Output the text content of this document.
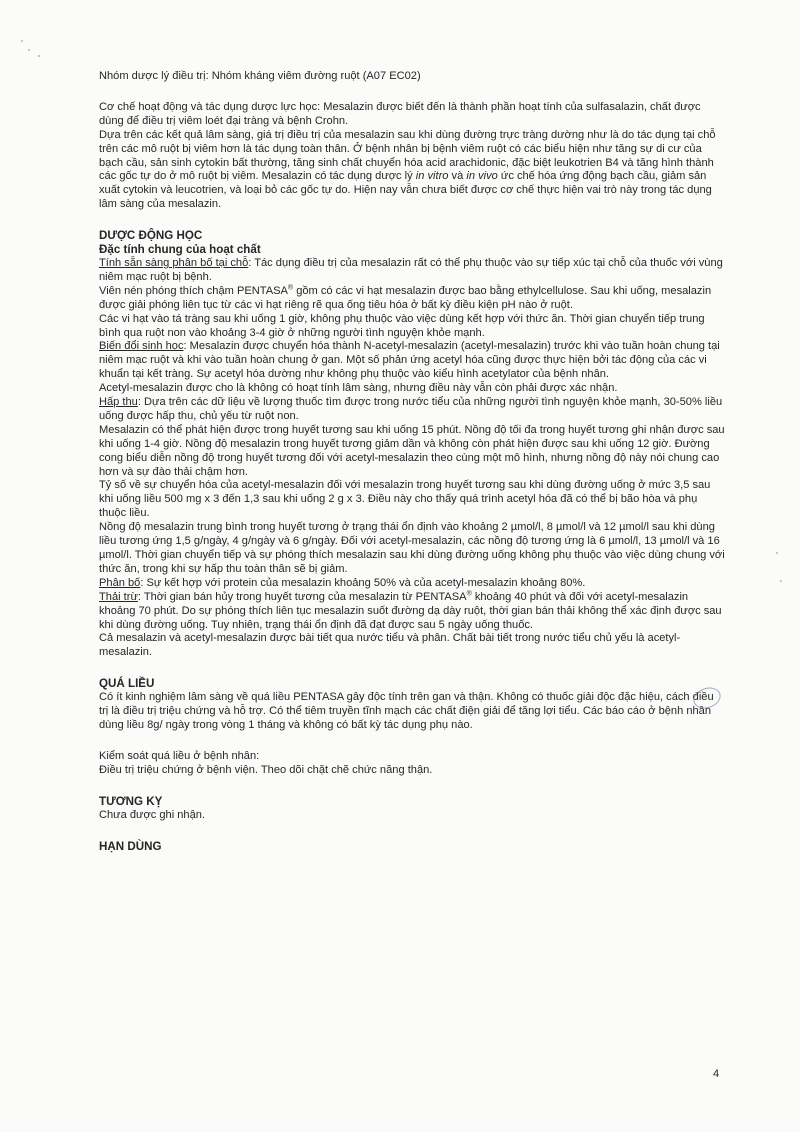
Nhóm dược lý điều trị: Nhóm kháng viêm đường ruột (A07 EC02)

Cơ chế hoạt động và tác dụng dược lực học: Mesalazin được biết đến là thành phần hoạt tính của sulfasalazin, chất được dùng để điều trị viêm loét đại tràng và bệnh Crohn.

Dựa trên các kết quả lâm sàng, giá trị điều trị của mesalazin sau khi dùng đường trực tràng dường như là do tác dụng tại chỗ trên các mô ruột bị viêm hơn là tác dụng toàn thân. Ở bệnh nhân bị bệnh viêm ruột có các biểu hiện như tăng sự di cư của bạch cầu, sản sinh cytokin bất thường, tăng sinh chất chuyển hóa acid arachidonic, đặc biệt leukotrien B4 và tăng hình thành các gốc tự do ở mô ruột bị viêm. Mesalazin có tác dụng dược lý in vitro và in vivo ức chế hóa ứng động bạch cầu, giảm sản xuất cytokin và leucotrien, và loại bỏ các gốc tự do. Hiện nay vẫn chưa biết được cơ chế thực hiện vai trò này trong tác dụng lâm sàng của mesalazin.

DƯỢC ĐỘNG HỌC

Đặc tính chung của hoạt chất

Tính sẵn sàng phân bố tại chỗ: Tác dụng điều trị của mesalazin rất có thể phụ thuộc vào sự tiếp xúc tại chỗ của thuốc với vùng niêm mạc ruột bị bệnh.

Viên nén phóng thích chậm PENTASA® gồm có các vi hạt mesalazin được bao bằng ethylcellulose. Sau khi uống, mesalazin được giải phóng liên tục từ các vi hạt riêng rẽ qua ống tiêu hóa ở bất kỳ điều kiện pH nào ở ruột.

Các vi hạt vào tá tràng sau khi uống 1 giờ, không phụ thuộc vào việc dùng kết hợp với thức ăn. Thời gian chuyển tiếp trung bình qua ruột non vào khoảng 3-4 giờ ở những người tình nguyện khỏe mạnh.

Biến đổi sinh học: Mesalazin được chuyển hóa thành N-acetyl-mesalazin (acetyl-mesalazin) trước khi vào tuần hoàn chung tại niêm mạc ruột và khi vào tuần hoàn chung ở gan. Một số phản ứng acetyl hóa cũng được thực hiện bởi tác động của các vi khuẩn tại kết tràng. Sự acetyl hóa dường như không phụ thuộc vào kiểu hình acetylator của bệnh nhân.

Acetyl-mesalazin được cho là không có hoạt tính lâm sàng, nhưng điều này vẫn còn phải được xác nhận.

Hấp thu: Dựa trên các dữ liệu về lượng thuốc tìm được trong nước tiểu của những người tình nguyện khỏe mạnh, 30-50% liều uống được hấp thu, chủ yếu từ ruột non.

Mesalazin có thể phát hiện được trong huyết tương sau khi uống 15 phút. Nồng độ tối đa trong huyết tương ghi nhận được sau khi uống 1-4 giờ. Nồng độ mesalazin trong huyết tương giảm dần và không còn phát hiện được sau khi uống 12 giờ. Đường cong biểu diễn nồng độ trong huyết tương đối với acetyl-mesalazin theo cùng một mô hình, nhưng nồng độ này nói chung cao hơn và sự đào thải chậm hơn.

Tỷ số về sự chuyển hóa của acetyl-mesalazin đối với mesalazin trong huyết tương sau khi dùng đường uống ở mức 3,5 sau khi uống liều 500 mg x 3 đến 1,3 sau khi uống 2 g x 3. Điều này cho thấy quá trình acetyl hóa đã có thể bị bão hòa và phụ thuộc liều.

Nồng độ mesalazin trung bình trong huyết tương ở trạng thái ổn định vào khoảng 2 µmol/l, 8 µmol/l và 12 µmol/l sau khi dùng liều tương ứng 1,5 g/ngày, 4 g/ngày và 6 g/ngày. Đối với acetyl-mesalazin, các nồng độ tương ứng là 6 µmol/l, 13 µmol/l và 16 µmol/l. Thời gian chuyển tiếp và sự phóng thích mesalazin sau khi dùng đường uống không phụ thuộc vào việc dùng chung với thức ăn, trong khi sự hấp thu toàn thân sẽ bị giảm.

Phân bố: Sự kết hợp với protein của mesalazin khoảng 50% và của acetyl-mesalazin khoảng 80%.

Thải trừ: Thời gian bán hủy trong huyết tương của mesalazin từ PENTASA® khoảng 40 phút và đối với acetyl-mesalazin khoảng 70 phút. Do sự phóng thích liên tục mesalazin suốt đường dạ dày ruột, thời gian bán thải không thể xác định được sau khi dùng đường uống. Tuy nhiên, trạng thái ổn định đã đạt được sau 5 ngày uống thuốc.

Cả mesalazin và acetyl-mesalazin được bài tiết qua nước tiểu và phân. Chất bài tiết trong nước tiểu chủ yếu là acetyl-mesalazin.

QUÁ LIỀU

Có ít kinh nghiệm lâm sàng về quá liều PENTASA gây độc tính trên gan và thận. Không có thuốc giải độc đặc hiệu, cách điều trị là điều trị triệu chứng và hỗ trợ. Có thể tiêm truyền tĩnh mạch các chất điện giải để tăng lợi tiểu. Các báo cáo ở bệnh nhân dùng liều 8g/ ngày trong vòng 1 tháng và không có bất kỳ tác dụng phụ nào.

Kiểm soát quá liều ở bệnh nhân:

Điều trị triệu chứng ở bệnh viện. Theo dõi chặt chẽ chức năng thận.

TƯƠNG KỴ

Chưa được ghi nhận.

HẠN DÙNG

4
